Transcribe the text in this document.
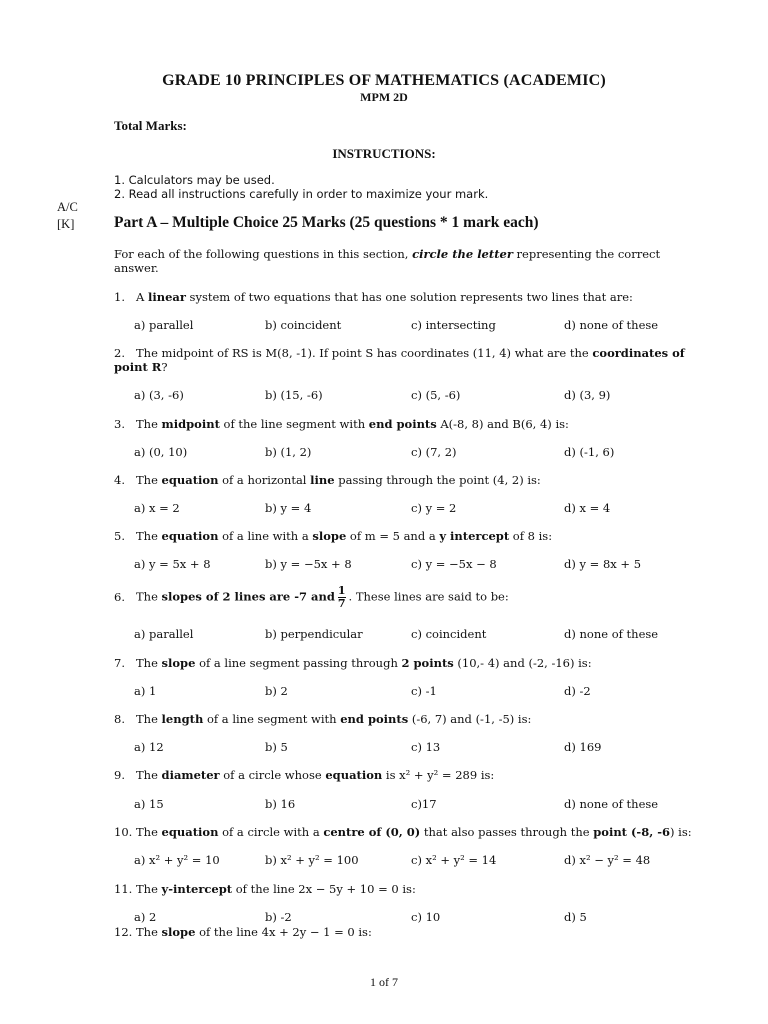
GRADE 10 PRINCIPLES OF MATHEMATICS (ACADEMIC)
MPM 2D
Total Marks:
INSTRUCTIONS:
1. Calculators may be used.
2. Read all instructions carefully in order to maximize your mark.
A/C
[K]	Part A – Multiple Choice 25 Marks (25 questions * 1 mark each)
For each of the following questions in this section, circle the letter representing the correct answer.
1. A linear system of two equations that has one solution represents two lines that are:
a) parallel	b) coincident	c) intersecting	d) none of these
2. The midpoint of RS is M(8, -1). If point S has coordinates (11, 4) what are the coordinates of point R?
a) (3, -6)	b) (15, -6)	c) (5, -6)	d) (3, 9)
3. The midpoint of the line segment with end points A(-8, 8) and B(6, 4) is:
a) (0, 10)	b) (1, 2)	c) (7, 2)	d) (-1, 6)
4. The equation of a horizontal line passing through the point (4, 2) is:
a) x = 2	b) y = 4	c) y = 2	d) x = 4
5. The equation of a line with a slope of m = 5 and a y intercept of 8 is:
a) y = 5x + 8	b) y = −5x + 8	c) y = −5x − 8	d) y = 8x + 5
6. The slopes of 2 lines are -7 and $\frac{1}{7}$ . These lines are said to be:
a) parallel	b) perpendicular	c) coincident	d) none of these
7. The slope of a line segment passing through 2 points (10,- 4) and (-2, -16) is:
a) 1	b) 2	c) -1	d) -2
8. The length of a line segment with end points (-6, 7) and (-1, -5) is:
a) 12	b) 5	c) 13	d) 169
9. The diameter of a circle whose equation is x² + y² = 289 is:
a) 15	b) 16	c)17	d) none of these
10. The equation of a circle with a centre of (0, 0) that also passes through the point (-8, -6) is:
a) x² + y² = 10	b) x² + y² = 100	c) x² + y² = 14	d) x² − y² = 48
11. The y-intercept of the line 2x − 5y + 10 = 0 is:
a) 2	b) -2	c) 10	d) 5
12. The slope of the line 4x + 2y − 1 = 0 is:
1 of 7
